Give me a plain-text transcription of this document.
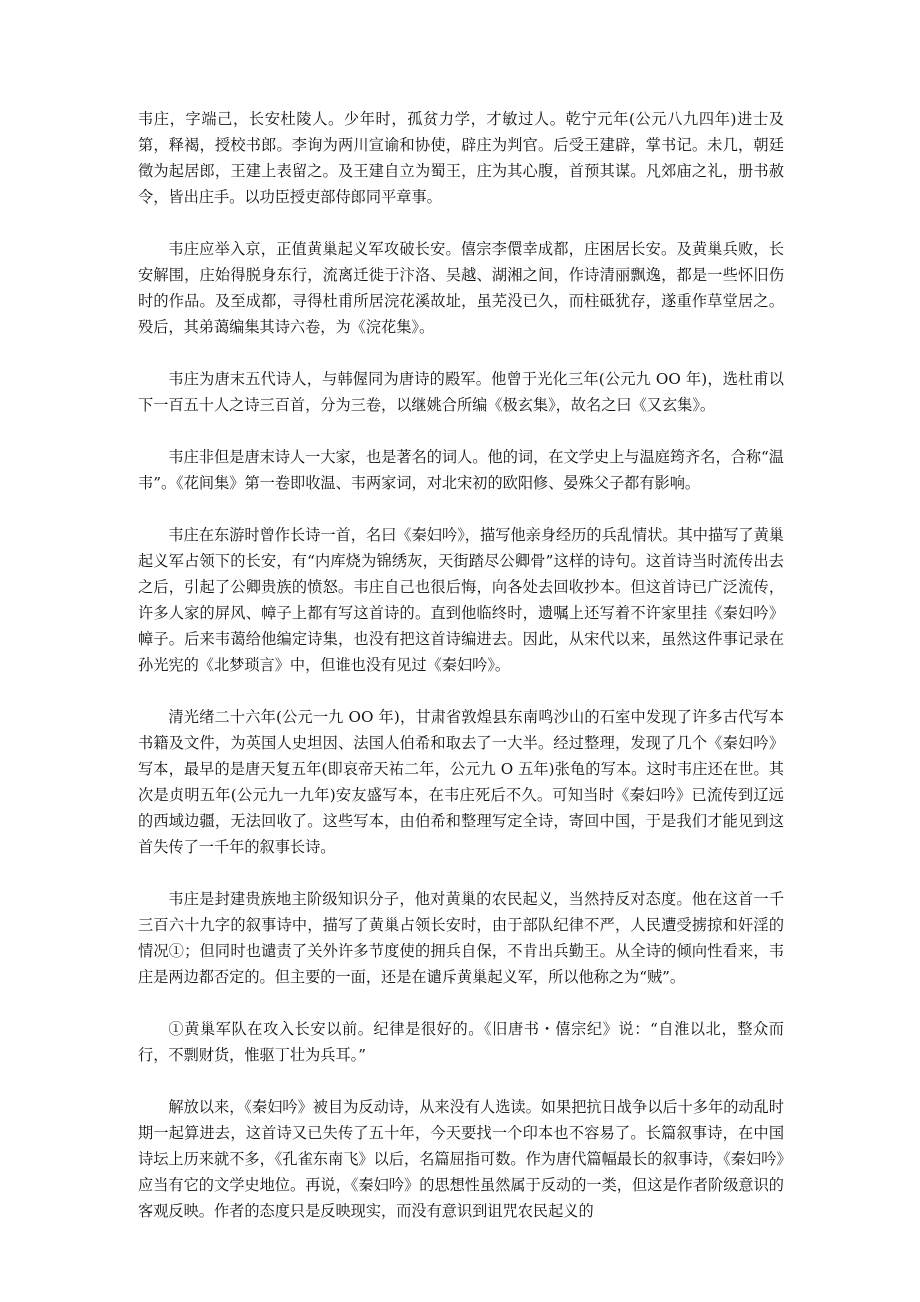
韦庄，字端己，长安杜陵人。少年时，孤贫力学，才敏过人。乾宁元年(公元八九四年)进士及第，释褐，授校书郎。李询为两川宣谕和协使，辟庄为判官。后受王建辟，掌书记。未几，朝廷徵为起居郎，王建上表留之。及王建自立为蜀王，庄为其心腹，首预其谋。凡郊庙之礼，册书赦令，皆出庄手。以功臣授吏部侍郎同平章事。

韦庄应举入京，正值黄巢起义军攻破长安。僖宗李儇幸成都，庄困居长安。及黄巢兵败，长安解围，庄始得脱身东行，流离迁徙于汴洛、吴越、湖湘之间，作诗清丽飘逸，都是一些怀旧伤时的作品。及至成都，寻得杜甫所居浣花溪故址，虽芜没已久，而柱砥犹存，遂重作草堂居之。殁后，其弟蔼编集其诗六卷，为《浣花集》。

韦庄为唐末五代诗人，与韩偓同为唐诗的殿军。他曾于光化三年(公元九 OO 年)，选杜甫以下一百五十人之诗三百首，分为三卷，以继姚合所编《极玄集》，故名之曰《又玄集》。

韦庄非但是唐末诗人一大家，也是著名的词人。他的词，在文学史上与温庭筠齐名，合称“温韦”。《花间集》第一卷即收温、韦两家词，对北宋初的欧阳修、晏殊父子都有影响。

韦庄在东游时曾作长诗一首，名曰《秦妇吟》，描写他亲身经历的兵乱情状。其中描写了黄巢起义军占领下的长安，有“内库烧为锦绣灰，天街踏尽公卿骨”这样的诗句。这首诗当时流传出去之后，引起了公卿贵族的愤怒。韦庄自己也很后悔，向各处去回收抄本。但这首诗已广泛流传，许多人家的屏风、幛子上都有写这首诗的。直到他临终时，遗嘱上还写着不许家里挂《秦妇吟》幛子。后来韦蔼给他编定诗集，也没有把这首诗编进去。因此，从宋代以来，虽然这件事记录在孙光宪的《北梦琐言》中，但谁也没有见过《秦妇吟》。

清光绪二十六年(公元一九 OO 年)，甘肃省敦煌县东南鸣沙山的石室中发现了许多古代写本书籍及文件，为英国人史坦因、法国人伯希和取去了一大半。经过整理，发现了几个《秦妇吟》写本，最早的是唐天复五年(即哀帝天祐二年，公元九 O 五年)张龟的写本。这时韦庄还在世。其次是贞明五年(公元九一九年)安友盛写本，在韦庄死后不久。可知当时《秦妇吟》已流传到辽远的西域边疆，无法回收了。这些写本，由伯希和整理写定全诗，寄回中国，于是我们才能见到这首失传了一千年的叙事长诗。

韦庄是封建贵族地主阶级知识分子，他对黄巢的农民起义，当然持反对态度。他在这首一千三百六十九字的叙事诗中，描写了黄巢占领长安时，由于部队纪律不严，人民遭受掳掠和奸淫的情况①；但同时也谴责了关外许多节度使的拥兵自保，不肯出兵勤王。从全诗的倾向性看来，韦庄是两边都否定的。但主要的一面，还是在谴斥黄巢起义军，所以他称之为“贼”。

①黄巢军队在攻入长安以前。纪律是很好的。《旧唐书・僖宗纪》说：“自淮以北，整众而行，不剽财货，惟驱丁壮为兵耳。”

解放以来，《秦妇吟》被目为反动诗，从来没有人选读。如果把抗日战争以后十多年的动乱时期一起算进去，这首诗又已失传了五十年，今天要找一个印本也不容易了。长篇叙事诗，在中国诗坛上历来就不多，《孔雀东南飞》以后，名篇屈指可数。作为唐代篇幅最长的叙事诗，《秦妇吟》应当有它的文学史地位。再说，《秦妇吟》的思想性虽然属于反动的一类，但这是作者阶级意识的客观反映。作者的态度只是反映现实，而没有意识到诅咒农民起义的
